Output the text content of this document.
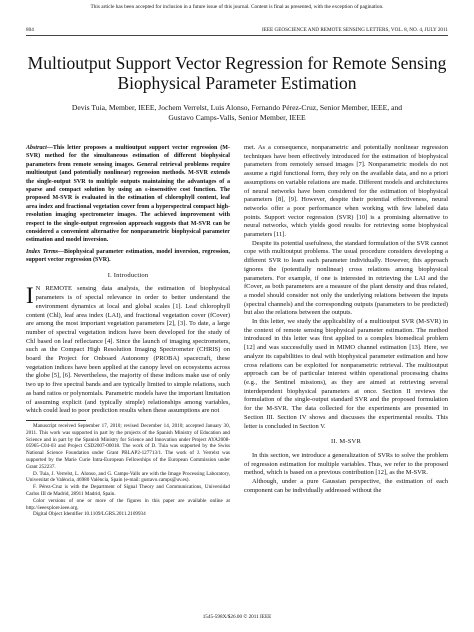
This article has been accepted for inclusion in a future issue of this journal. Content is final as presented, with the exception of pagination.
804	IEEE GEOSCIENCE AND REMOTE SENSING LETTERS, VOL. 8, NO. 4, JULY 2011
Multioutput Support Vector Regression for Remote Sensing Biophysical Parameter Estimation
Devis Tuia, Member, IEEE, Jochem Verrelst, Luis Alonso, Fernando Pérez-Cruz, Senior Member, IEEE, and
Gustavo Camps-Valls, Senior Member, IEEE

Abstract—This letter proposes a multioutput support vector regression (M-SVR) method for the simultaneous estimation of different biophysical parameters from remote sensing images. General retrieval problems require multioutput (and potentially nonlinear) regression methods. M-SVR extends the single-output SVR to multiple outputs maintaining the advantages of a sparse and compact solution by using an ε-insensitive cost function. The proposed M-SVR is evaluated in the estimation of chlorophyll content, leaf area index and fractional vegetation cover from a hyperspectral compact high-resolution imaging spectrometer images. The achieved improvement with respect to the single-output regression approach suggests that M-SVR can be considered a convenient alternative for nonparametric biophysical parameter estimation and model inversion.

Index Terms—Biophysical parameter estimation, model inversion, regression, support vector regression (SVR).

I. Introduction

I N REMOTE sensing data analysis, the estimation of biophysical parameters is of special relevance in order to better understand the environment dynamics at local and global scales [1]. Leaf chlorophyll content (Chl), leaf area index (LAI), and fractional vegetation cover (fCover) are among the most important vegetation parameters [2], [3]. To date, a large number of spectral vegetation indices have been developed for the study of Chl based on leaf reflectance [4]. Since the launch of imaging spectrometers, such as the Compact High Resolution Imaging Spectrometer (CHRIS) on board the Project for Onboard Autonomy (PROBA) spacecraft, these vegetation indices have been applied at the canopy level on ecosystems across the globe [5], [6]. Nevertheless, the majority of these indices make use of only two up to five spectral bands and are typically limited to simple relations, such as band ratios or polynomials. Parametric models have the important limitation of assuming explicit (and typically simple) relationships among variables, which could lead to poor prediction results when these assumptions are not

Manuscript received September 17, 2010; revised December 14, 2010; accepted January 30, 2011. This work was supported in part by the projects of the Spanish Ministry of Education and Science and in part by the Spanish Ministry for Science and Innovation under Project AYA2008-05965-C04-03 and Project CSD2007-00018. The work of D. Tuia was supported by the Swiss National Science Foundation under Grant PBLAP2-127713/1. The work of J. Verrelst was supported by the Marie Curie Intra-European Fellowships of the European Commission under Grant 252237.

D. Tuia, J. Verrelst, L. Alonso, and G. Camps-Valls are with the Image Processing Laboratory, Universitat de València, 46980 València, Spain (e-mail: gustavo.camps@uv.es).

F. Pérez-Cruz is with the Department of Signal Theory and Communications, Universidad Carlos III de Madrid, 28911 Madrid, Spain.

Color versions of one or more of the figures in this paper are available online at http://ieeexplore.ieee.org.

Digital Object Identifier 10.1109/LGRS.2011.2109934

met. As a consequence, nonparametric and potentially nonlinear regression techniques have been effectively introduced for the estimation of biophysical parameters from remotely sensed images [7]. Nonparametric models do not assume a rigid functional form, they rely on the available data, and no a priori assumptions on variable relations are made. Different models and architectures of neural networks have been considered for the estimation of biophysical parameters [8], [9]. However, despite their potential effectiveness, neural networks offer a poor performance when working with few labeled data points. Support vector regression (SVR) [10] is a promising alternative to neural networks, which yields good results for retrieving some biophysical parameters [11].

Despite its potential usefulness, the standard formulation of the SVR cannot cope with multioutput problems. The usual procedure considers developing a different SVR to learn each parameter individually. However, this approach ignores the (potentially nonlinear) cross relations among biophysical parameters. For example, if one is interested in retrieving the LAI and the fCover, as both parameters are a measure of the plant density and thus related, a model should consider not only the underlying relations between the inputs (spectral channels) and the corresponding outputs (parameters to be predicted) but also the relations between the outputs.

In this letter, we study the applicability of a multioutput SVR (M-SVR) in the context of remote sensing biophysical parameter estimation. The method introduced in this letter was first applied to a complex biomedical problem [12] and was successfully used in MIMO channel estimation [13]. Here, we analyze its capabilities to deal with biophysical parameter estimation and how cross relations can be exploited for nonparametric retrieval. The multioutput approach can be of particular interest within operational processing chains (e.g., the Sentinel missions), as they are aimed at retrieving several interdependent biophysical parameters at once. Section II reviews the formulation of the single-output standard SVR and the proposed formulation for the M-SVR. The data collected for the experiments are presented in Section III. Section IV shows and discusses the experimental results. This letter is concluded in Section V.

II. M-SVR

In this section, we introduce a generalization of SVRs to solve the problem of regression estimation for multiple variables. Thus, we refer to the proposed method, which is based on a previous contribution [12], as the M-SVR.

Although, under a pure Gaussian perspective, the estimation of each component can be individually addressed without the

1545-598X/$26.00 © 2011 IEEE
